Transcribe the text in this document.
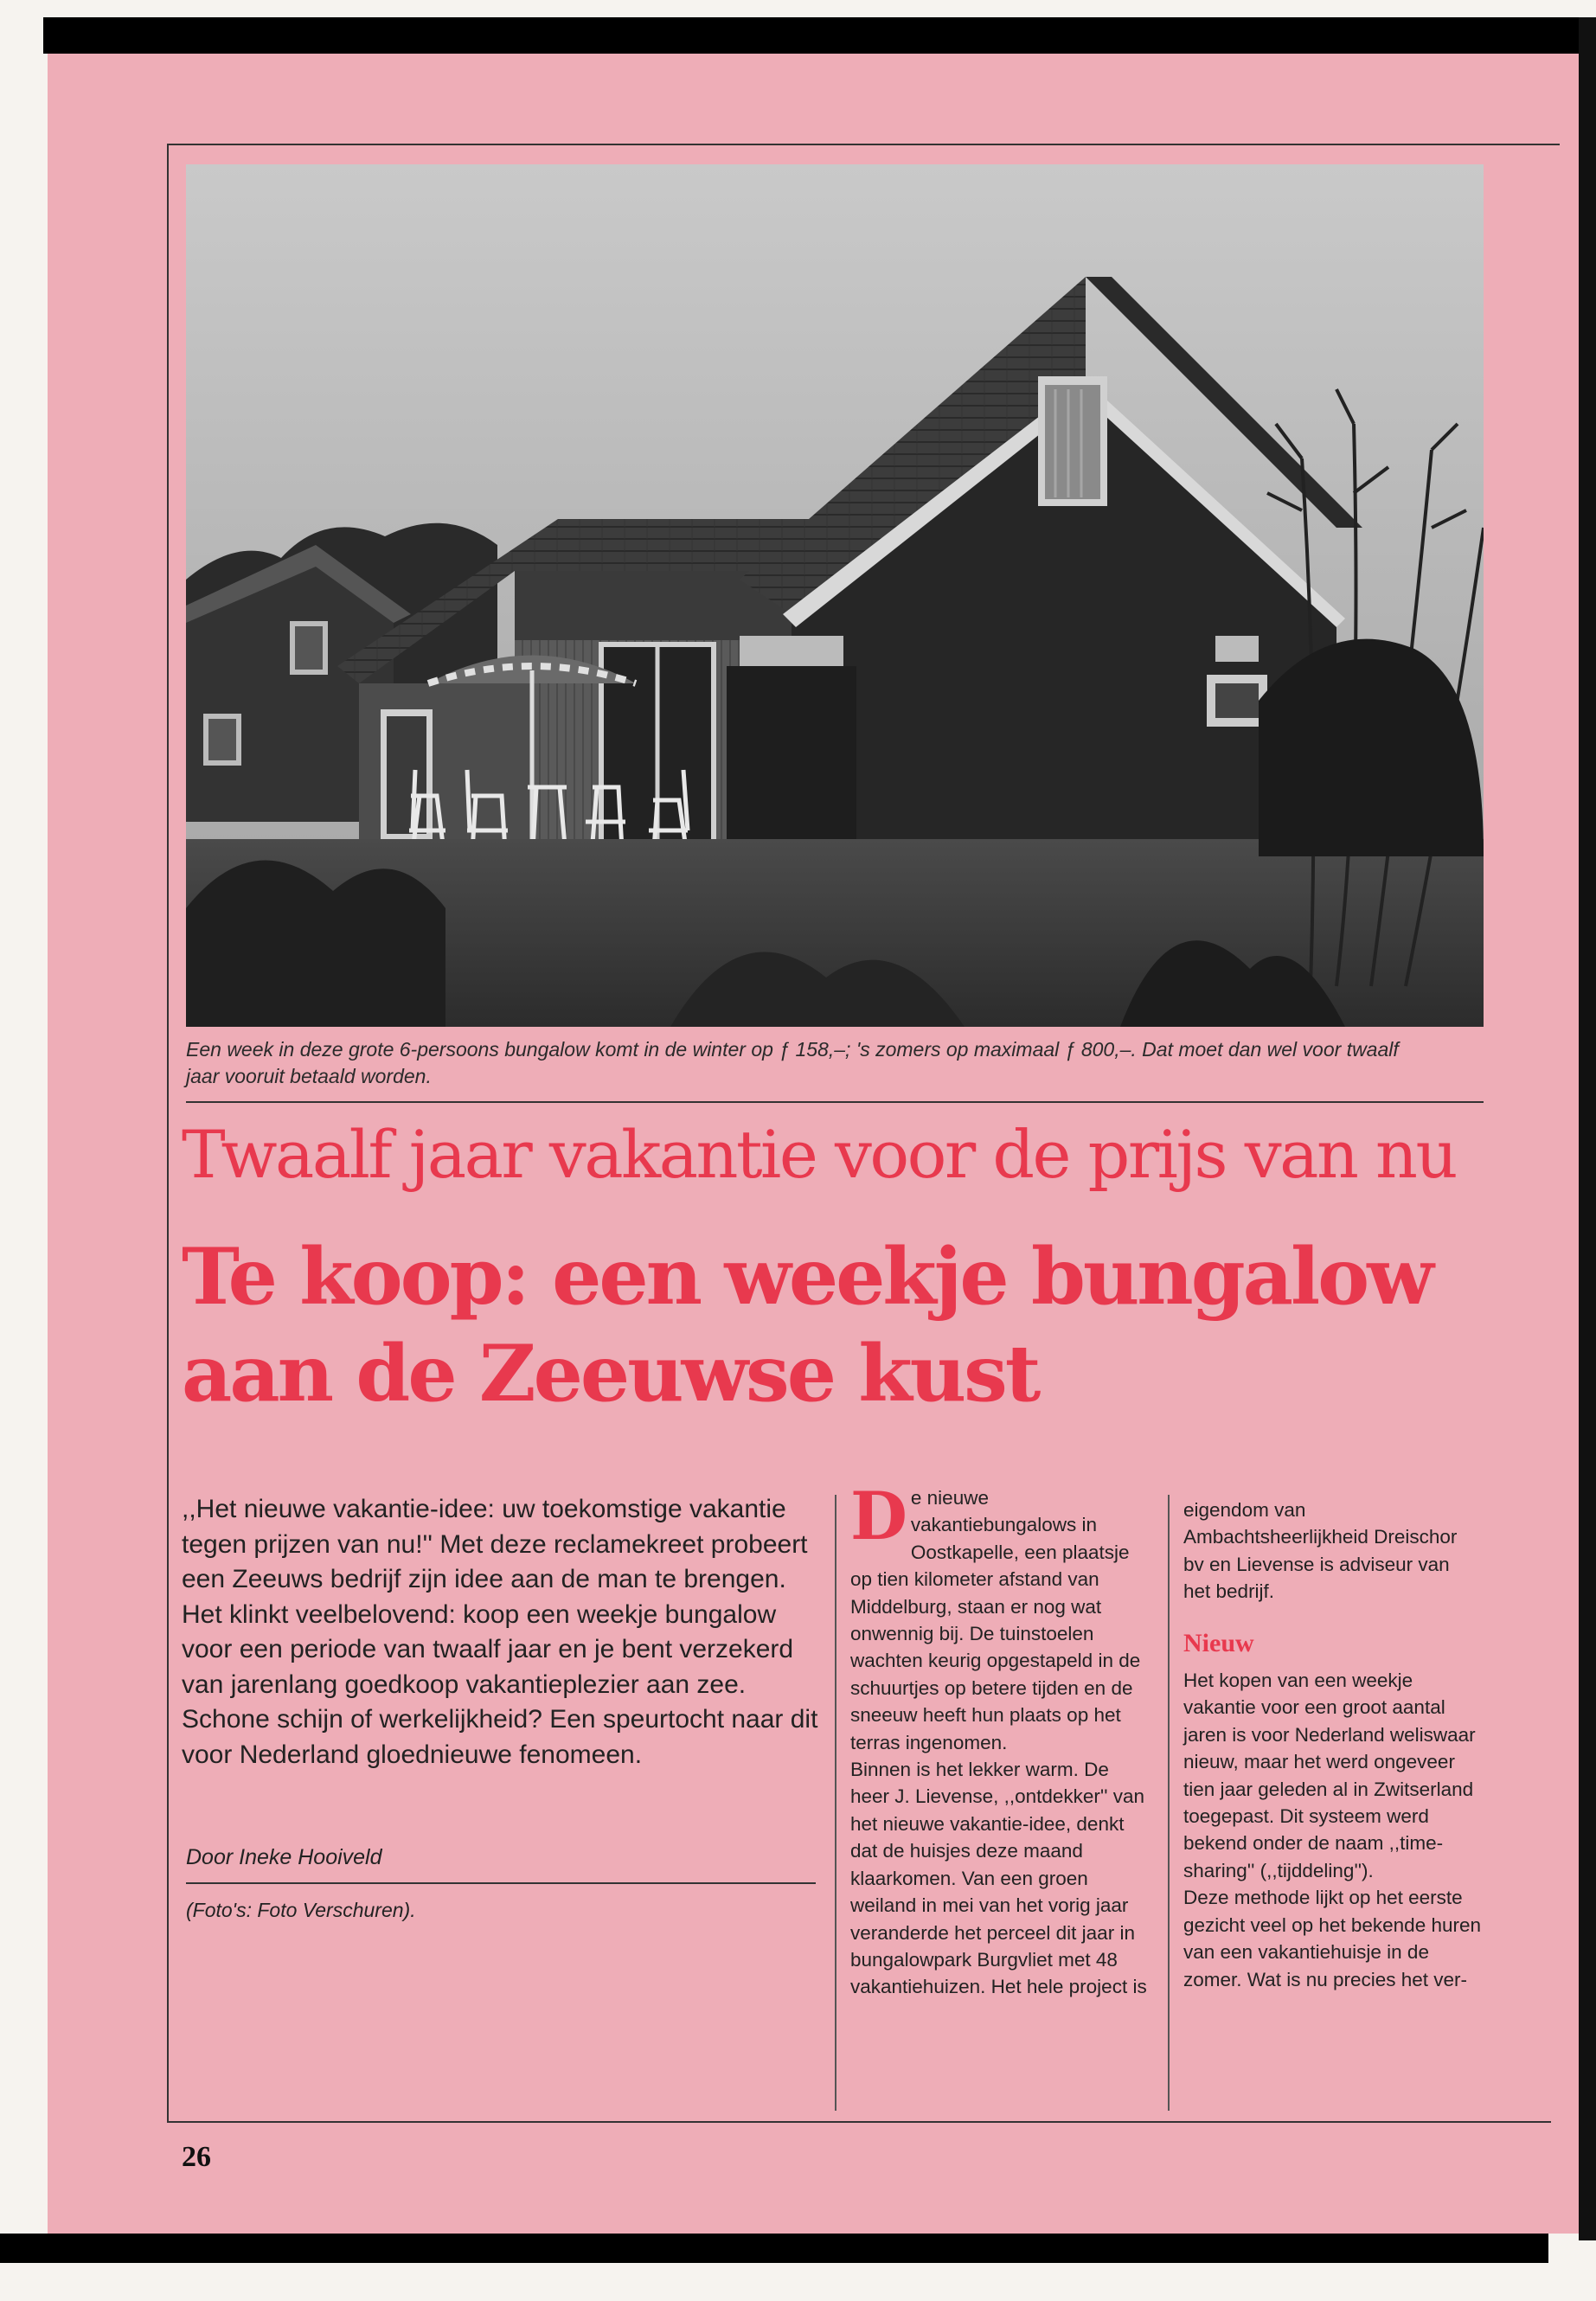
Een week in deze grote 6-persoons bungalow komt in de winter op ƒ 158,–; 's zomers op maximaal ƒ 800,–. Dat moet dan wel voor twaalf jaar vooruit betaald worden.

Twaalf jaar vakantie voor de prijs van nu
Te koop: een weekje bungalow
aan de Zeeuwse kust

,,Het nieuwe vakantie-idee: uw toekomstige vakantie tegen prijzen van nu!'' Met deze reclamekreet probeert een Zeeuws bedrijf zijn idee aan de man te brengen. Het klinkt veelbelovend: koop een weekje bungalow voor een periode van twaalf jaar en je bent verzekerd van jarenlang goedkoop vakantieplezier aan zee. Schone schijn of werkelijkheid? Een speurtocht naar dit voor Nederland gloednieuwe fenomeen.

Door Ineke Hooiveld

(Foto's: Foto Verschuren).

De nieuwe vakantiebungalows in Oostkapelle, een plaatsje op tien kilometer afstand van Middelburg, staan er nog wat onwennig bij. De tuinstoelen wachten keurig opgestapeld in de schuurtjes op betere tijden en de sneeuw heeft hun plaats op het terras ingenomen.

Binnen is het lekker warm. De heer J. Lievense, ,,ontdekker'' van het nieuwe vakantie-idee, denkt dat de huisjes deze maand klaarkomen. Van een groen weiland in mei van het vorig jaar veranderde het perceel dit jaar in bungalowpark Burgvliet met 48 vakantiehuizen. Het hele project is

eigendom van Ambachtsheerlijkheid Dreischor bv en Lievense is adviseur van het bedrijf.

Nieuw

Het kopen van een weekje vakantie voor een groot aantal jaren is voor Nederland weliswaar nieuw, maar het werd ongeveer tien jaar geleden al in Zwitserland toegepast. Dit systeem werd bekend onder de naam ,,time-sharing'' (,,tijddeling'').

Deze methode lijkt op het eerste gezicht veel op het bekende huren van een vakantiehuisje in de zomer. Wat is nu precies het ver-

26
